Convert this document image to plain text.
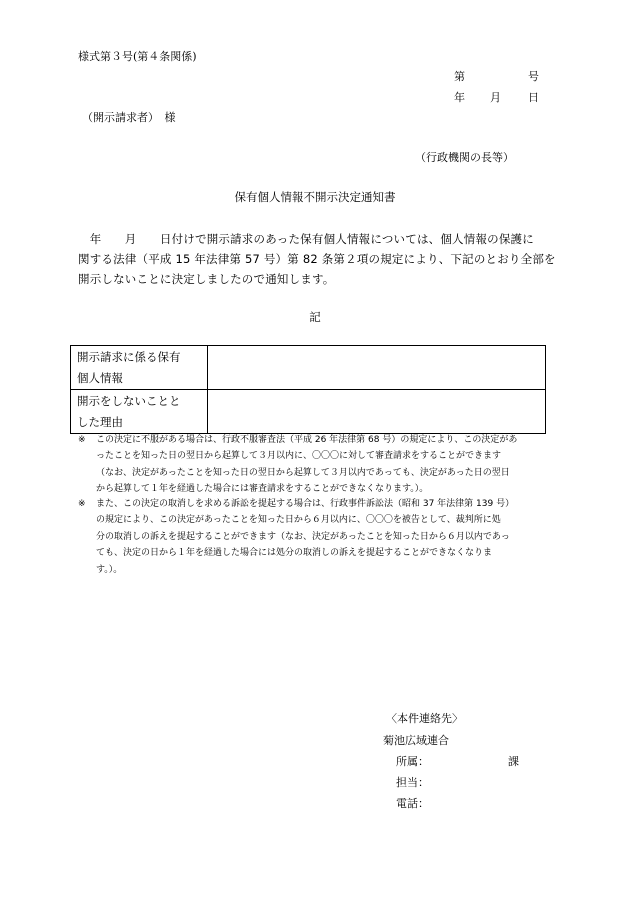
様式第３号(第４条関係)
第	号
年 月 日
（開示請求者）　様
（行政機関の長等）
保有個人情報不開示決定通知書
　年　　月　　日付けで開示請求のあった保有個人情報については、個人情報の保護に
関する法律（平成 15 年法律第 57 号）第 82 条第２項の規定により、下記のとおり全部を
開示しないことに決定しましたので通知します。
記
開示請求に係る保有
個人情報	

開示をしないことと
した理由	

※ この決定に不服がある場合は、行政不服審査法（平成 26 年法律第 68 号）の規定により、この決定があ
ったことを知った日の翌日から起算して３月以内に、〇〇〇に対して審査請求をすることができます
（なお、決定があったことを知った日の翌日から起算して３月以内であっても、決定があった日の翌日
から起算して１年を経過した場合には審査請求をすることができなくなります。）。
※ また、この決定の取消しを求める訴訟を提起する場合は、行政事件訴訟法（昭和 37 年法律第 139 号）
の規定により、この決定があったことを知った日から６月以内に、〇〇〇を被告として、裁判所に処
分の取消しの訴えを提起することができます（なお、決定があったことを知った日から６月以内であっ
ても、決定の日から１年を経過した場合には処分の取消しの訴えを提起することができなくなりま
す。）。
〈本件連絡先〉
菊池広域連合
所属：	課
担当：
電話：
